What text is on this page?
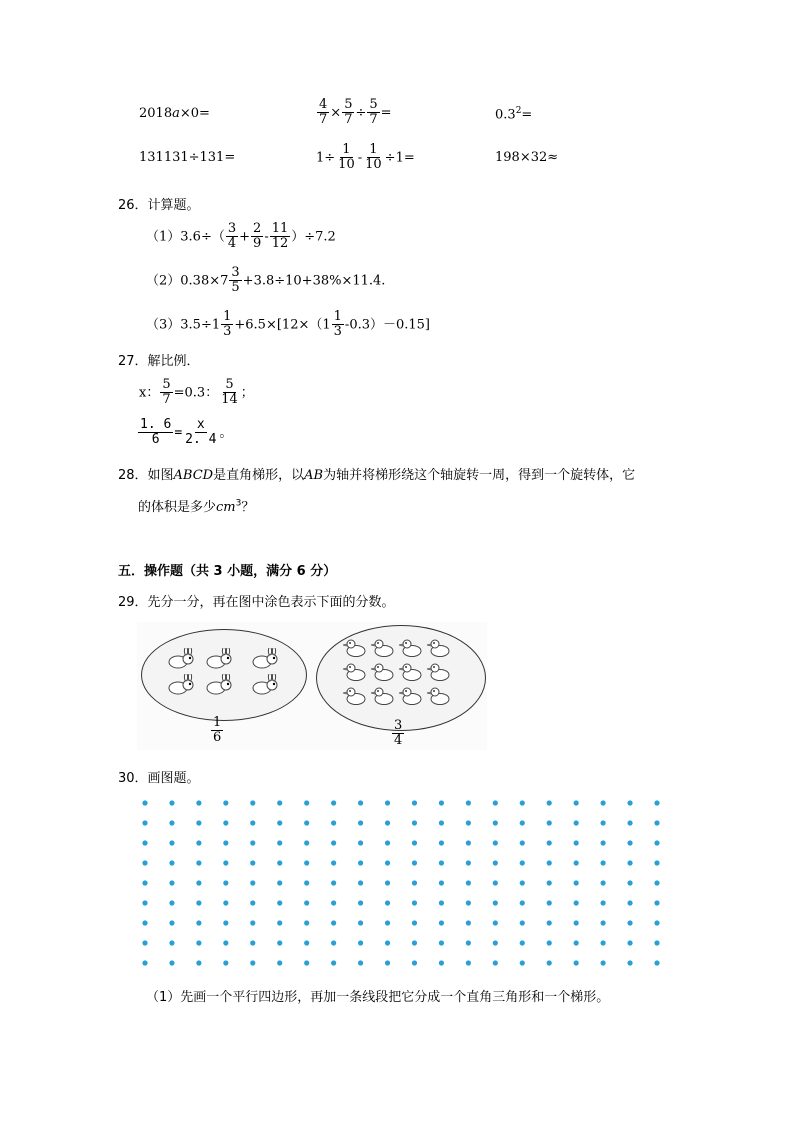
2018a×0=	$\frac{4}{7} \times \frac{5}{7} \div \frac{5}{7}$ =	$0.3^2=$
131131÷131=	$1\div \frac{1}{10} - \frac{1}{10} \div 1=$	198×32≈
26．计算题。
$(1)3.6\div( \frac{3}{4} + \frac{2}{9} - \frac{11}{12} )\div 7.2$
$(2)0.38\times 7 \frac{3}{5} +3.8\div 10+38\%\times 11.4$.
$(3)3.5\div 1 \frac{1}{3} +6.5\times[12\times(1 \frac{1}{3} -0.3)-0.15]$
27．解比例．
x： $\frac{5}{7} =0.3$： $\frac{5}{14}$ ；
$\frac{1. 6}{6} = \frac{x}{2. 4}$ 。
28．如图ABCD是直角梯形，以AB为轴并将梯形绕这个轴旋转一周，得到一个旋转体，它
的体积是多少$cm^3$？
五．操作题（共 3 小题，满分 6 分）
29．先分一分，再在图中涂色表示下面的分数。
$\frac{1}{6}$	$\frac{3}{4}$
30．画图题。
（1）先画一个平行四边形，再加一条线段把它分成一个直角三角形和一个梯形。
